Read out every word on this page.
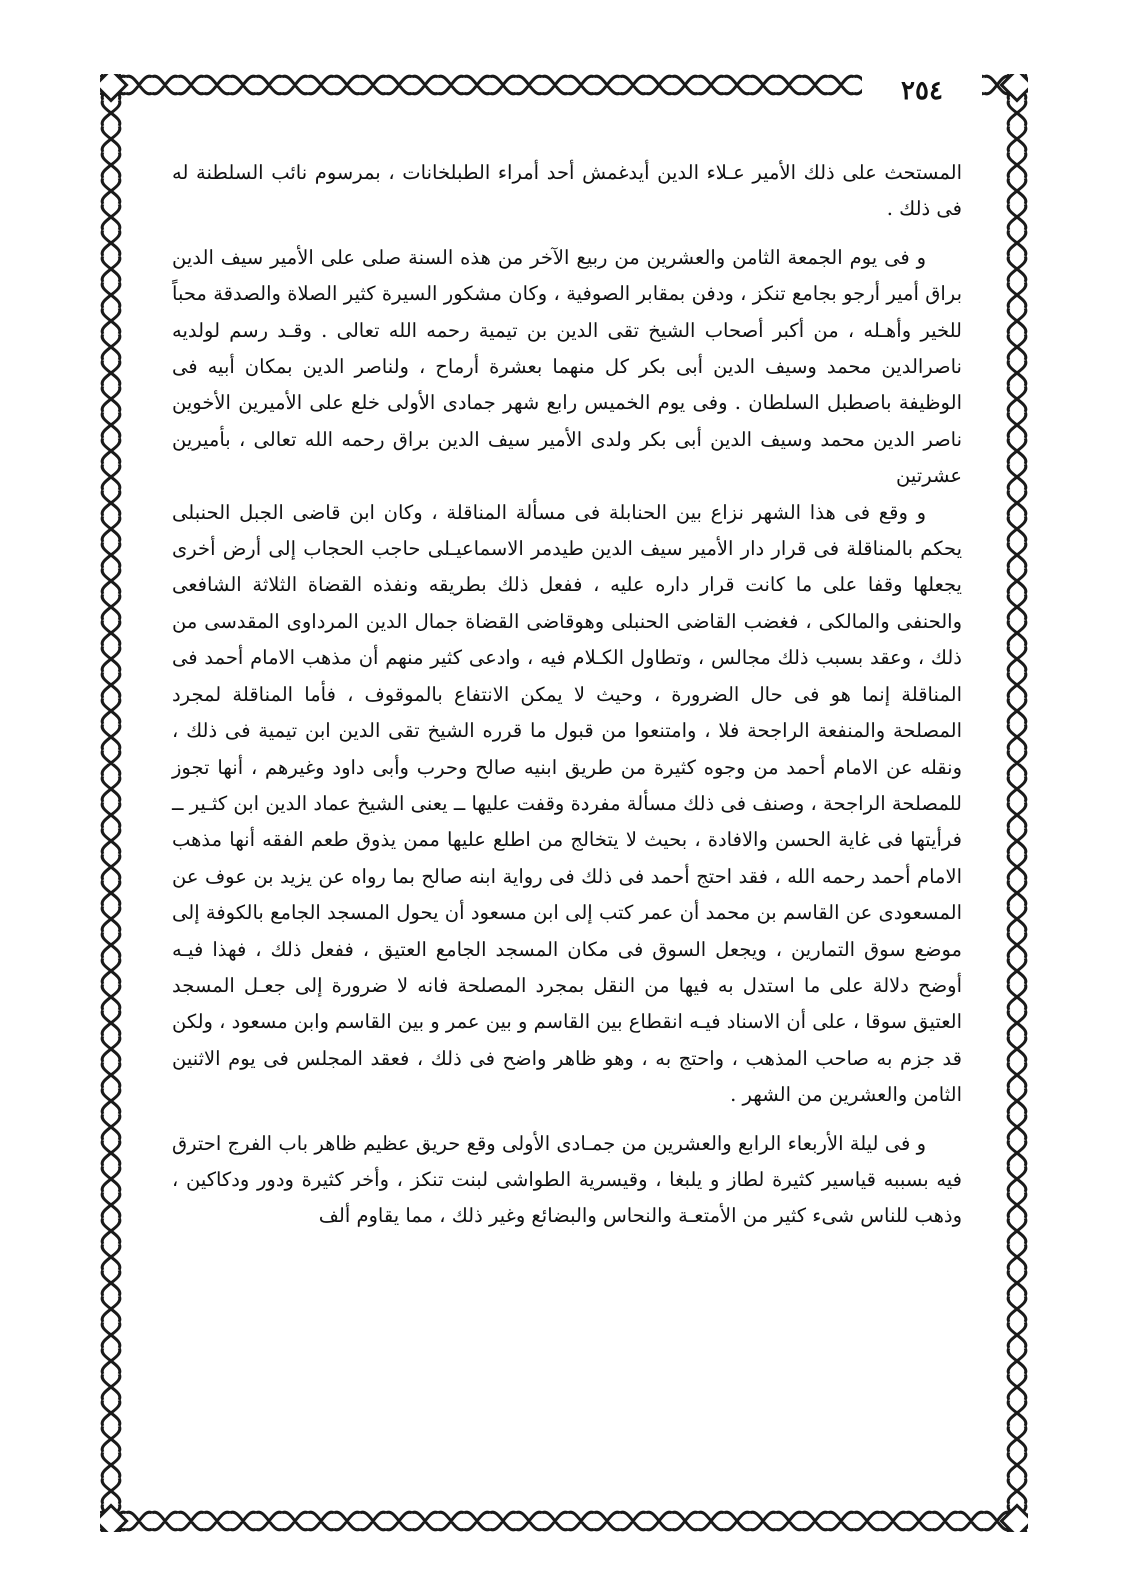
٢٥٤

المستحث على ذلك الأمير عـلاء الدين أيدغمش أحد أمراء الطبلخانات ، بمرسوم نائب السلطنة له فى ذلك .

و فى يوم الجمعة الثامن والعشرين من ربيع الآخر من هذه السنة صلى على الأمير سيف الدين براق أمير أرجو بجامع تنكز ، ودفن بمقابر الصوفية ، وكان مشكور السيرة كثير الصلاة والصدقة محباً للخير وأهـله ، من أكبر أصحاب الشيخ تقى الدين بن تيمية رحمه الله تعالى . وقـد رسم لولديه ناصرالدين محمد وسيف الدين أبى بكر كل منهما بعشرة أرماح ، ولناصر الدين بمكان أبيه فى الوظيفة باصطبل السلطان . وفى يوم الخميس رابع شهر جمادى الأولى خلع على الأميرين الأخوين ناصر الدين محمد وسيف الدين أبى بكر ولدى الأمير سيف الدين براق رحمه الله تعالى ، بأميرين عشرتين

و وقع فى هذا الشهر نزاع بين الحنابلة فى مسألة المناقلة ، وكان ابن قاضى الجبل الحنبلى يحكم بالمناقلة فى قرار دار الأمير سيف الدين طيدمر الاسماعيـلى حاجب الحجاب إلى أرض أخرى يجعلها وقفا على ما كانت قرار داره عليه ، ففعل ذلك بطريقه ونفذه القضاة الثلاثة الشافعى والحنفى والمالكى ، فغضب القاضى الحنبلى وهوقاضى القضاة جمال الدين المرداوى المقدسى من ذلك ، وعقد بسبب ذلك مجالس ، وتطاول الكـلام فيه ، وادعى كثير منهم أن مذهب الامام أحمد فى المناقلة إنما هو فى حال الضرورة ، وحيث لا يمكن الانتفاع بالموقوف ، فأما المناقلة لمجرد المصلحة والمنفعة الراجحة فلا ، وامتنعوا من قبول ما قرره الشيخ تقى الدين ابن تيمية فى ذلك ، ونقله عن الامام أحمد من وجوه كثيرة من طريق ابنيه صالح وحرب وأبى داود وغيرهم ، أنها تجوز للمصلحة الراجحة ، وصنف فى ذلك مسألة مفردة وقفت عليها ــ يعنى الشيخ عماد الدين ابن كثـير ــ فرأيتها فى غاية الحسن والافادة ، بحيث لا يتخالج من اطلع عليها ممن يذوق طعم الفقه أنها مذهب الامام أحمد رحمه الله ، فقد احتج أحمد فى ذلك فى رواية ابنه صالح بما رواه عن يزيد بن عوف عن المسعودى عن القاسم بن محمد أن عمر كتب إلى ابن مسعود أن يحول المسجد الجامع بالكوفة إلى موضع سوق التمارين ، ويجعل السوق فى مكان المسجد الجامع العتيق ، ففعل ذلك ، فهذا فيـه أوضح دلالة على ما استدل به فيها من النقل بمجرد المصلحة فانه لا ضرورة إلى جعـل المسجد العتيق سوقا ، على أن الاسناد فيـه انقطاع بين القاسم و بين عمر و بين القاسم وابن مسعود ، ولكن قد جزم به صاحب المذهب ، واحتج به ، وهو ظاهر واضح فى ذلك ، فعقد المجلس فى يوم الاثنين الثامن والعشرين من الشهر .

و فى ليلة الأربعاء الرابع والعشرين من جمـادى الأولى وقع حريق عظيم ظاهر باب الفرج احترق فيه بسببه قياسير كثيرة لطاز و يلبغا ، وقيسرية الطواشى لبنت تنكز ، وأخر كثيرة ودور ودكاكين ، وذهب للناس شىء كثير من الأمتعـة والنحاس والبضائع وغير ذلك ، مما يقاوم ألف
